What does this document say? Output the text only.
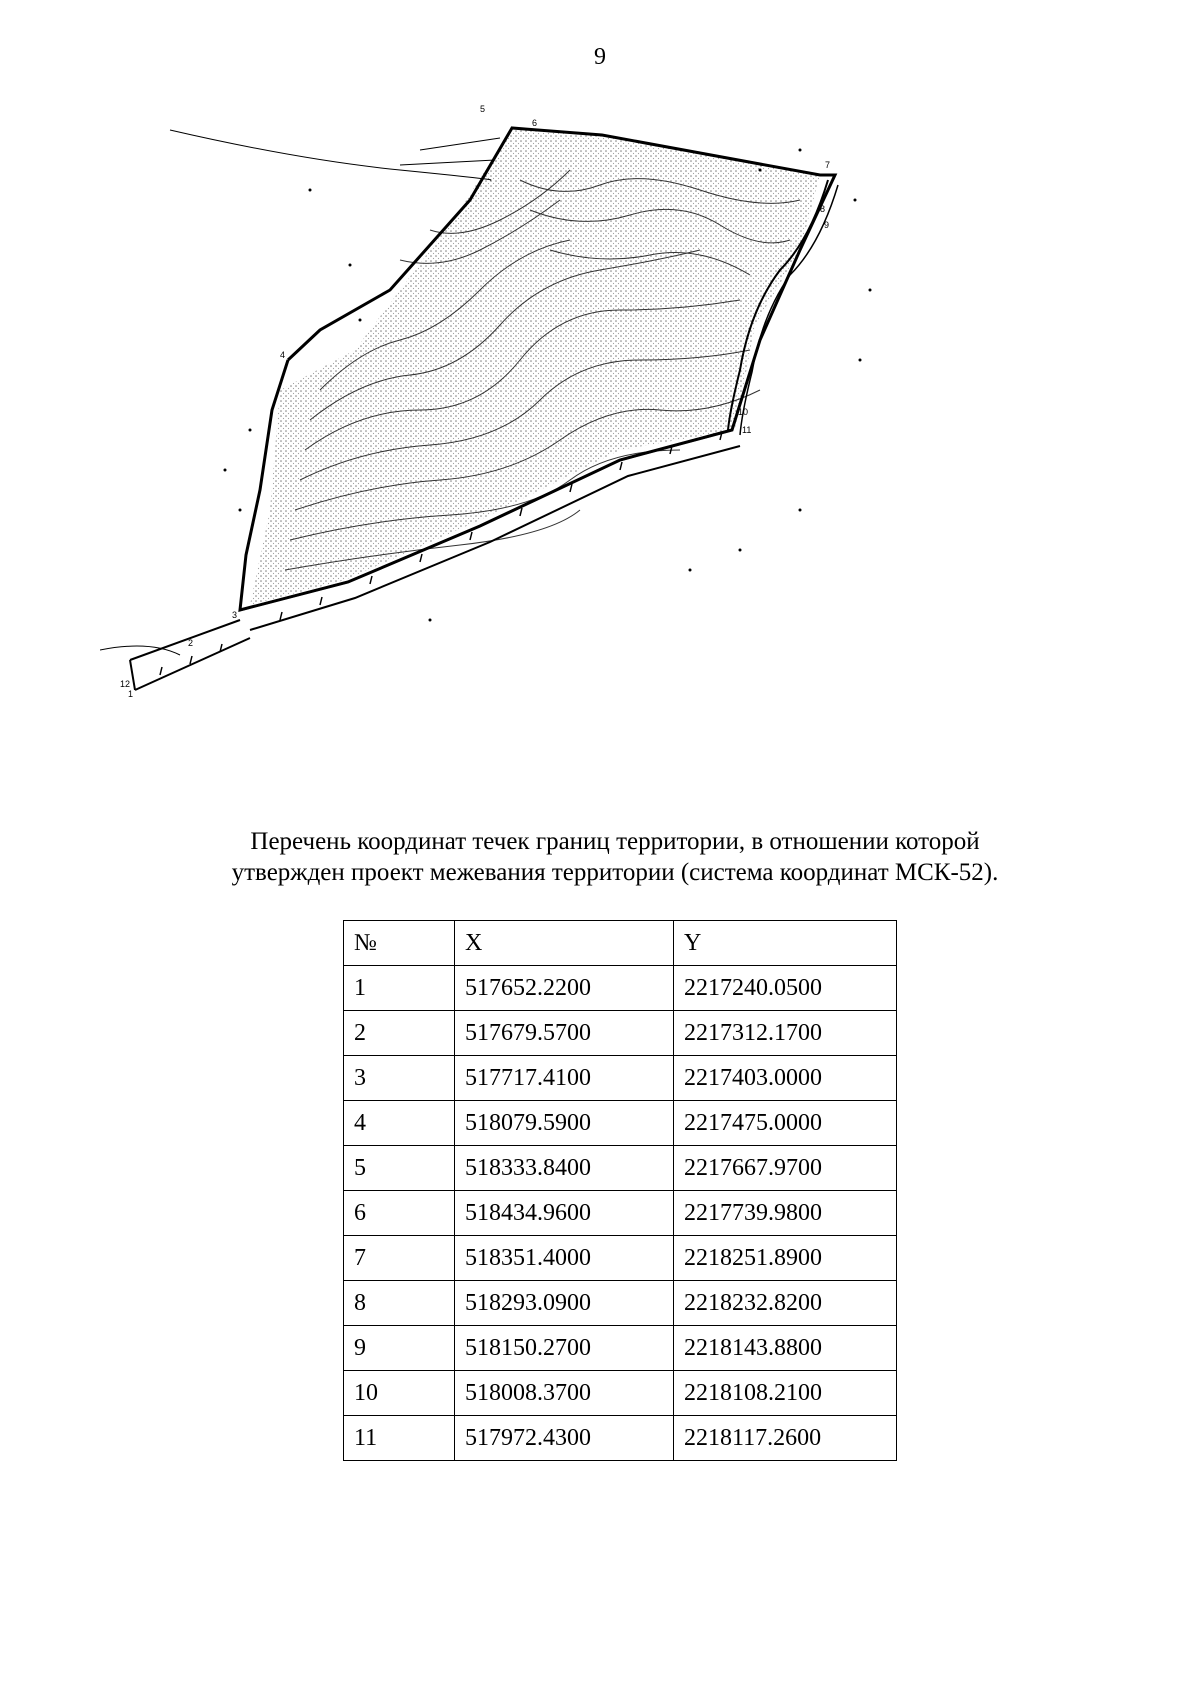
9
1
2
3
4
5
6
7
8
9
10
11
12

Перечень координат течек границ территории, в отношении которой

утвержден проект межевания территории (система координат МСК-52).

№	X	Y
1	517652.2200	2217240.0500
2	517679.5700	2217312.1700
3	517717.4100	2217403.0000
4	518079.5900	2217475.0000
5	518333.8400	2217667.9700
6	518434.9600	2217739.9800
7	518351.4000	2218251.8900
8	518293.0900	2218232.8200
9	518150.2700	2218143.8800
10	518008.3700	2218108.2100
11	517972.4300	2218117.2600
